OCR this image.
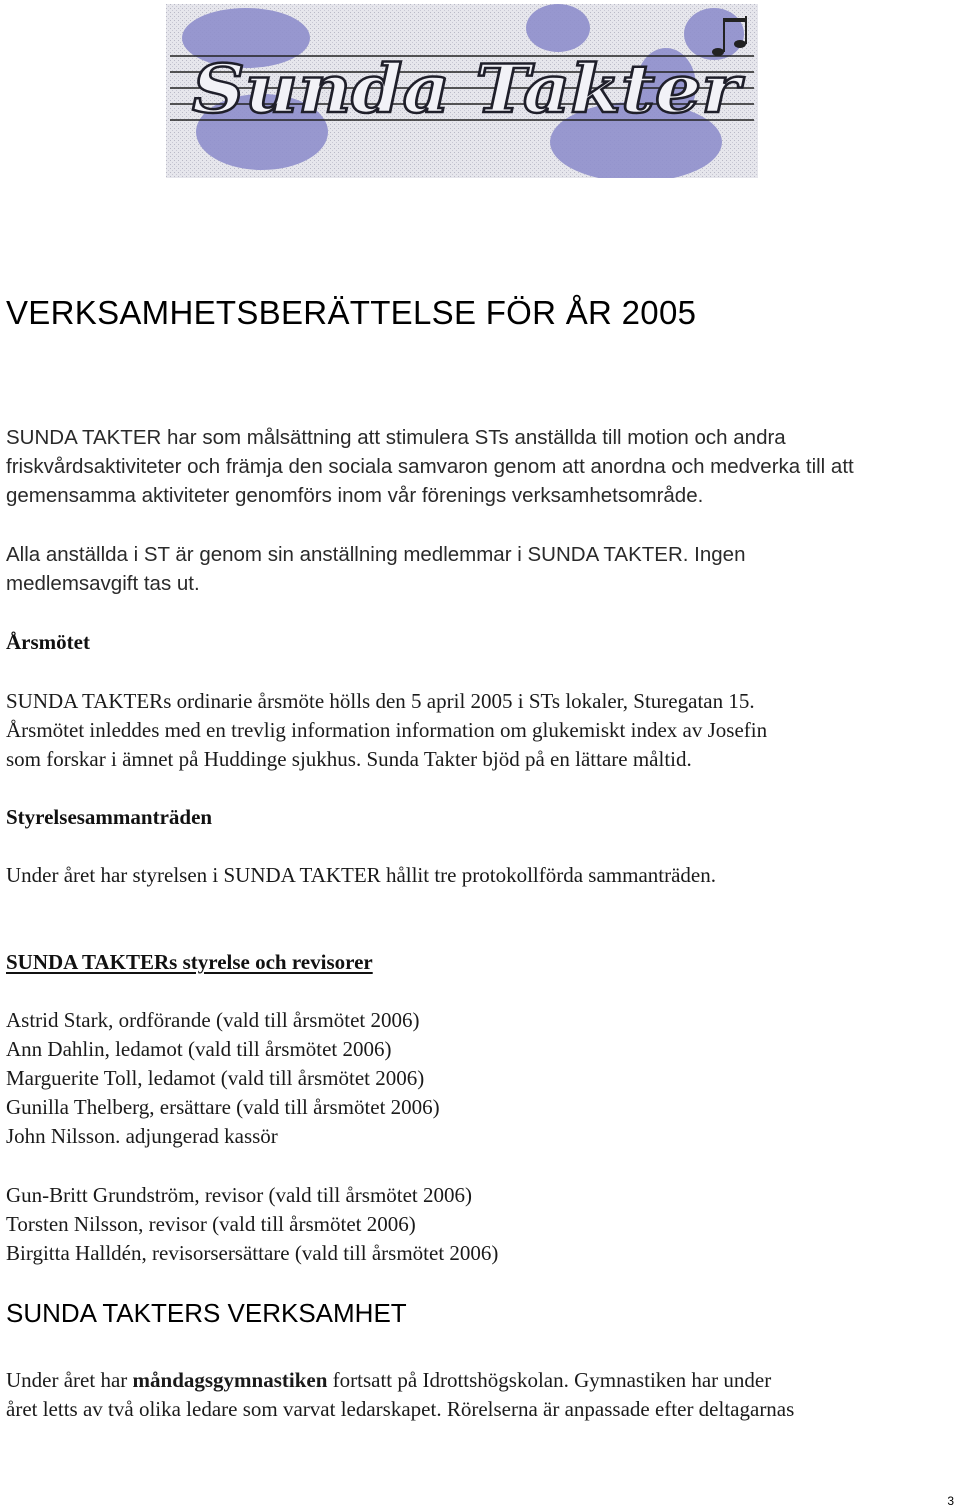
Sunda Takter
VERKSAMHETSBERÄTTELSE FÖR ÅR 2005

SUNDA TAKTER har som målsättning att stimulera STs anställda till motion och andra
friskvårdsaktiviteter och främja den sociala samvaron genom att anordna och medverka till att
gemensamma aktiviteter genomförs inom vår förenings verksamhetsområde.

Alla anställda i ST är genom sin anställning medlemmar i SUNDA TAKTER. Ingen
medlemsavgift tas ut.

Årsmötet

SUNDA TAKTERs ordinarie årsmöte hölls den 5 april 2005 i STs lokaler, Sturegatan 15.
Årsmötet inleddes med en trevlig information information om glukemiskt index av Josefin
som forskar i ämnet på Huddinge sjukhus. Sunda Takter bjöd på en lättare måltid.

Styrelsesammanträden

Under året har styrelsen i SUNDA TAKTER hållit tre protokollförda sammanträden.

SUNDA TAKTERs styrelse och revisorer

Astrid Stark, ordförande (vald till årsmötet 2006)
Ann Dahlin, ledamot (vald till årsmötet 2006)
Marguerite Toll, ledamot (vald till årsmötet 2006)
Gunilla Thelberg, ersättare (vald till årsmötet 2006)
John Nilsson. adjungerad kassör

Gun-Britt Grundström, revisor (vald till årsmötet 2006)
Torsten Nilsson, revisor (vald till årsmötet 2006)
Birgitta Halldén, revisorsersättare (vald till årsmötet 2006)

SUNDA TAKTERS VERKSAMHET

Under året har måndagsgymnastiken fortsatt på Idrottshögskolan. Gymnastiken har under
året letts av två olika ledare som varvat ledarskapet. Rörelserna är anpassade efter deltagarnas

3
